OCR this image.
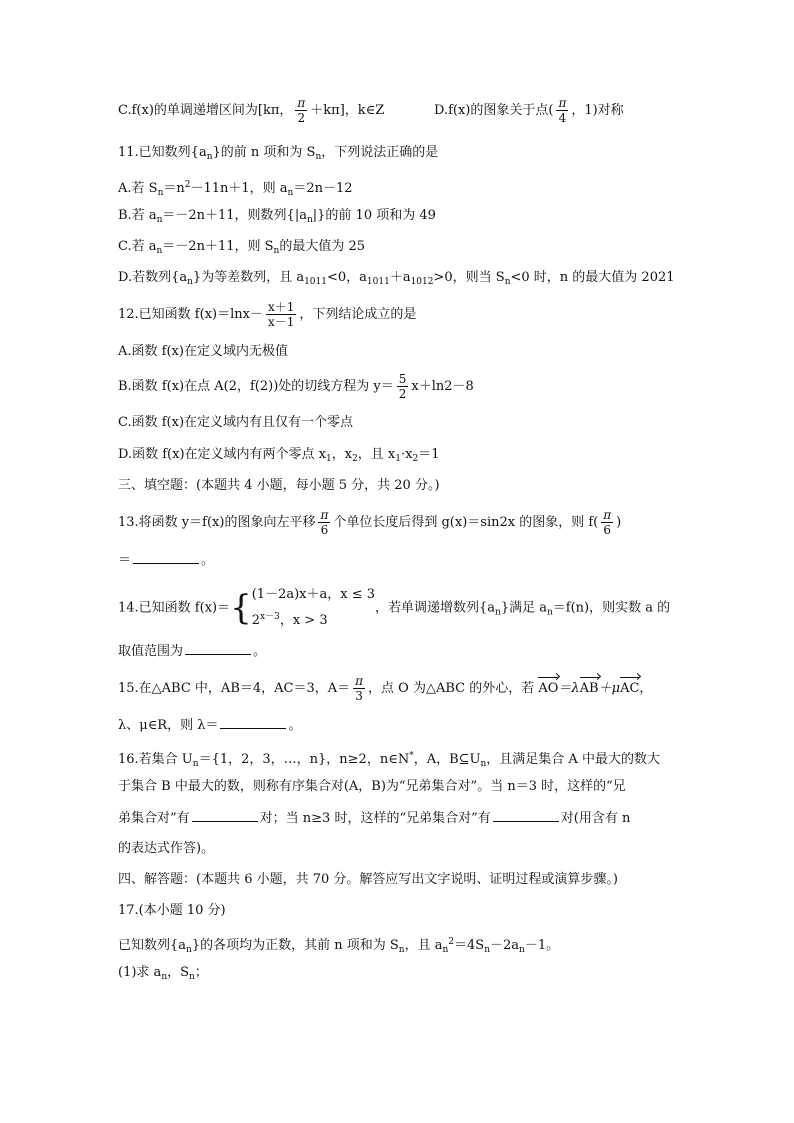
C.f(x)的单调递增区间为[kπ， $\frac{\pi}{2} +k\pi$]，k∈Z	D.f(x)的图象关于点( $\frac{\pi}{4}$ ，1)对称
11.已知数列$\{a_n\}$的前 n 项和为 $S_n$，下列说法正确的是
A.若 $S_n=n^2-11n+1$，则 $a_n=2n-12$
B.若 $a_n=-2n+11$，则数列$\{|a_n|\}$的前 10 项和为 49
C.若 $a_n=-2n+11$，则 $S_n$的最大值为 25
D.若数列$\{a_n\}$为等差数列，且 $a_{1011}<0$，$a_{1011}+a_{1012}>0$，则当 $S_n<0$ 时，n 的最大值为 2021
12.已知函数 $f(x)=\ln x- \frac{x+1}{x-1}$ ，下列结论成立的是
A.函数 f(x)在定义域内无极值
B.函数 f(x)在点 A(2，f(2))处的切线方程为 $y= \frac{5}{2} x+\ln 2-8$
C.函数 f(x)在定义域内有且仅有一个零点
D.函数 f(x)在定义域内有两个零点 $x_1$，$x_2$，且 $x_1\cdot x_2=1$
三、填空题：(本题共 4 小题，每小题 5 分，共 20 分。)
13.将函数 y＝f(x)的图象向左平移 $\frac{\pi}{6}$ 个单位长度后得到 g(x)＝sin2x 的图象，则 $f( \frac{\pi}{6}$ )
＝	。
14.已知函数 f(x)＝{ (1－2a)x＋a，x ≤ 3
$2^{x-3}$，x > 3
，若单调递增数列$\{a_n\}$满足 $a_n=f(n)$，则实数 a 的
取值范围为	。
15.在△ABC 中，AB＝4，AC＝3，$A= \frac{\pi}{3}$ ，点 O 为△ABC 的外心，若 AO＝λAB＋μAC，
λ、μ∈R，则 λ＝	。
16.若集合 $U_n=\{1$，2，3，…，n}，n≥2，n∈N*，A，$B⊆U_n$，且满足集合 A 中最大的数大
于集合 B 中最大的数，则称有序集合对(A，B)为“兄弟集合对”。当 n＝3 时，这样的“兄
弟集合对”有	对；当 n≥3 时，这样的“兄弟集合对”有	对(用含有 n
的表达式作答)。
四、解答题：(本题共 6 小题，共 70 分。解答应写出文字说明、证明过程或演算步骤。)
17.(本小题 10 分)
已知数列$\{a_n\}$的各项均为正数，其前 n 项和为 $S_n$，且 $a_n^2=4S_n-2a_n-1$。
(1)求 $a_n$，$S_n$；
